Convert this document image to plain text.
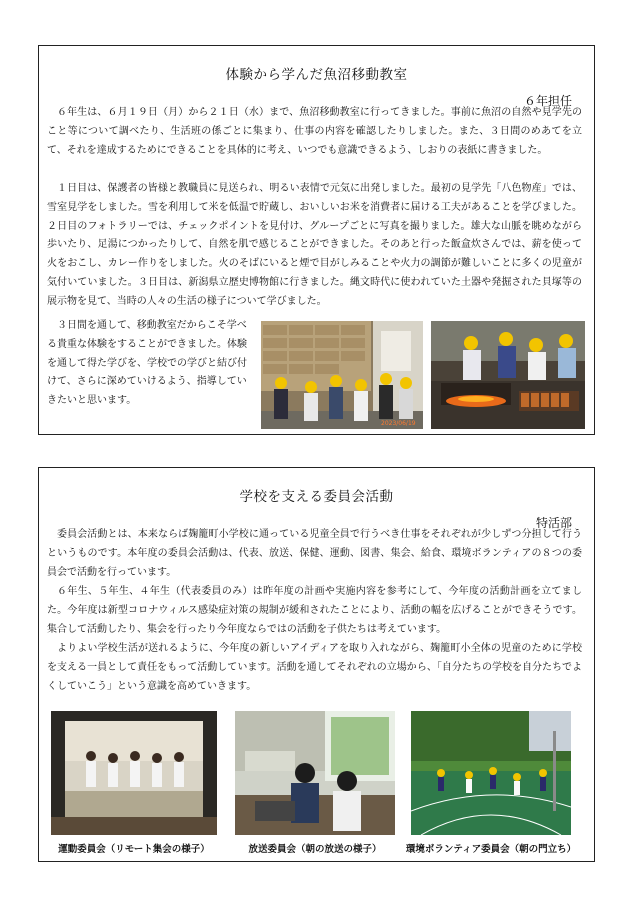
体験から学んだ魚沼移動教室
６年担任

６年生は、６月１９日（月）から２１日（水）まで、魚沼移動教室に行ってきました。事前に魚沼の自然や見学先のこと等について調べたり、生活班の係ごとに集まり、仕事の内容を確認したりしました。また、３日間のめあてを立て、それを達成するためにできることを具体的に考え、いつでも意識できるよう、しおりの表紙に書きました。

１日目は、保護者の皆様と教職員に見送られ、明るい表情で元気に出発しました。最初の見学先「八色物産」では、雪室見学をしました。雪を利用して米を低温で貯蔵し、おいしいお米を消費者に届ける工夫があることを学びました。２日目のフォトラリーでは、チェックポイントを見付け、グループごとに写真を撮りました。雄大な山脈を眺めながら歩いたり、足湯につかったりして、自然を肌で感じることができました。そのあと行った飯盒炊さんでは、薪を使って火をおこし、カレー作りをしました。火のそばにいると煙で目がしみることや火力の調節が難しいことに多くの児童が気付いていました。３日目は、新潟県立歴史博物館に行きました。縄文時代に使われていた土器や発掘された貝塚等の展示物を見て、当時の人々の生活の様子について学びました。

３日間を通して、移動教室だからこそ学べる貴重な体験をすることができました。体験を通して得た学びを、学校での学びと結び付けて、さらに深めていけるよう、指導していきたいと思います。

2023/06/19
学校を支える委員会活動
特活部

委員会活動とは、本来ならば麹籠町小学校に通っている児童全員で行うべき仕事をそれぞれが少しずつ分担して行うというものです。本年度の委員会活動は、代表、放送、保健、運動、図書、集会、給食、環境ボランティアの８つの委員会で活動を行っています。

６年生、５年生、４年生（代表委員のみ）は昨年度の計画や実施内容を参考にして、今年度の活動計画を立てました。今年度は新型コロナウィルス感染症対策の規制が緩和されたことにより、活動の幅を広げることができそうです。集合して活動したり、集会を行ったり今年度ならではの活動を子供たちは考えています。

よりよい学校生活が送れるように、今年度の新しいアイディアを取り入れながら、麹籠町小全体の児童のために学校を支える一員として責任をもって活動しています。活動を通してそれぞれの立場から、「自分たちの学校を自分たちでよくしていこう」という意識を高めていきます。

運動委員会（リモート集会の様子）	放送委員会（朝の放送の様子）	環境ボランティア委員会（朝の門立ち）
